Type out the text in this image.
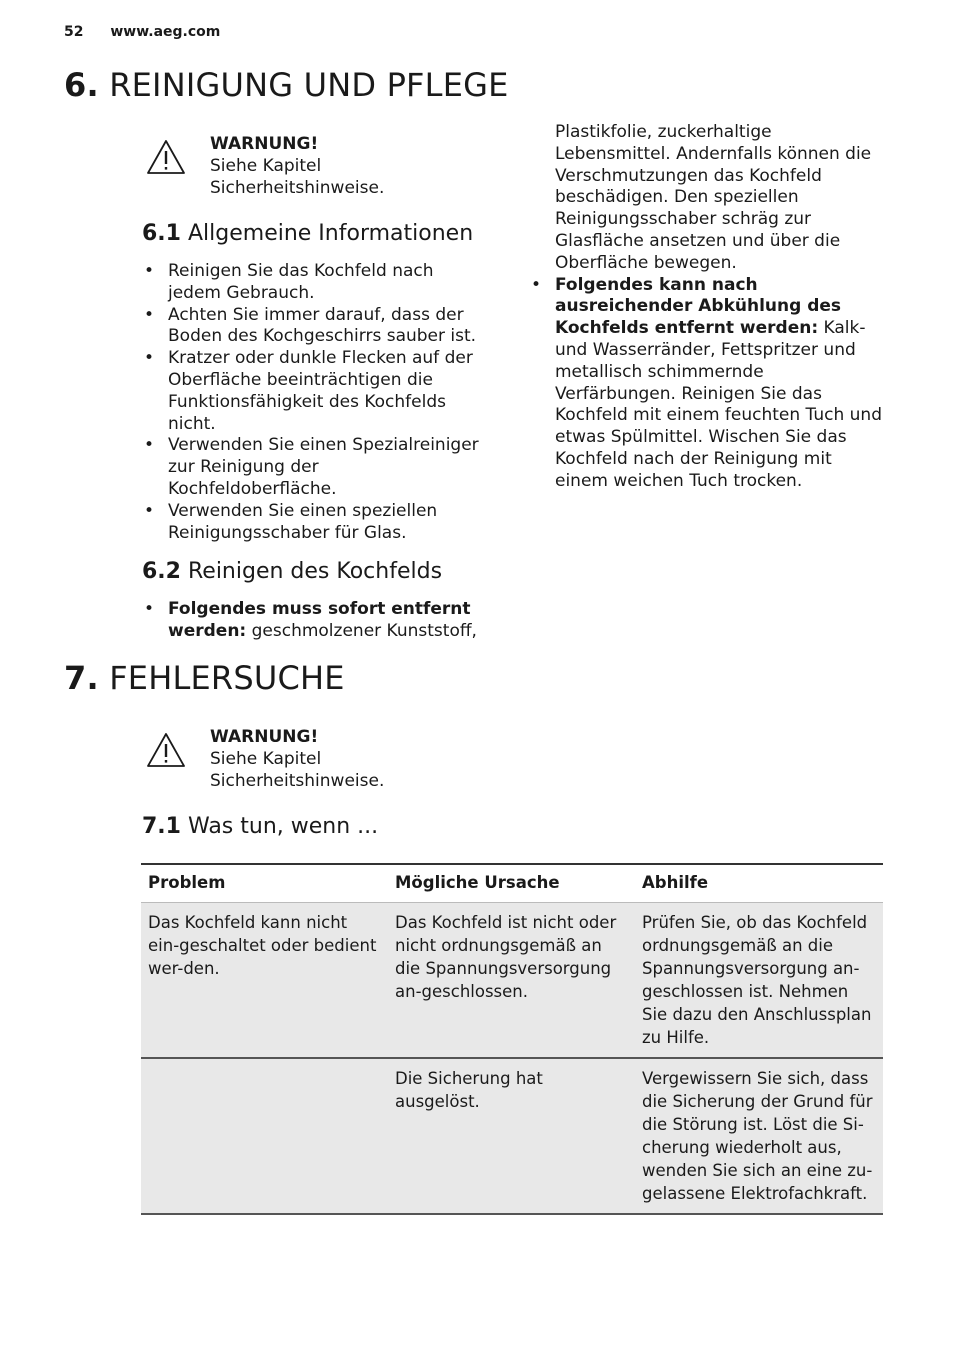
52 www.aeg.com
6. REINIGUNG UND PFLEGE
WARNUNG!
Siehe Kapitel
Sicherheitshinweise.
6.1 Allgemeine Informationen
• Reinigen Sie das Kochfeld nach jedem Gebrauch.
• Achten Sie immer darauf, dass der Boden des Kochgeschirrs sauber ist.
• Kratzer oder dunkle Flecken auf der Oberfläche beeinträchtigen die Funktionsfähigkeit des Kochfelds nicht.
• Verwenden Sie einen Spezialreiniger zur Reinigung der Kochfeldoberfläche.
• Verwenden Sie einen speziellen Reinigungsschaber für Glas.
6.2 Reinigen des Kochfelds
• Folgendes muss sofort entfernt werden: geschmolzener Kunststoff,

Plastikfolie, zuckerhaltige Lebensmittel. Andernfalls können die Verschmutzungen das Kochfeld beschädigen. Den speziellen Reinigungsschaber schräg zur Glasfläche ansetzen und über die Oberfläche bewegen.

• Folgendes kann nach ausreichender Abkühlung des Kochfelds entfernt werden: Kalk- und Wasserränder, Fettspritzer und metallisch schimmernde Verfärbungen. Reinigen Sie das Kochfeld mit einem feuchten Tuch und etwas Spülmittel. Wischen Sie das Kochfeld nach der Reinigung mit einem weichen Tuch trocken.
7. FEHLERSUCHE
WARNUNG!
Siehe Kapitel
Sicherheitshinweise.
7.1 Was tun, wenn ...
Problem	Mögliche Ursache	Abhilfe
Das Kochfeld kann nicht ein-geschaltet oder bedient wer-den.	Das Kochfeld ist nicht oder nicht ordnungsgemäß an die Spannungsversorgung an-geschlossen.	Prüfen Sie, ob das Kochfeld ordnungsgemäß an die Spannungsversorgung an-geschlossen ist. Nehmen Sie dazu den Anschlussplan zu Hilfe.
	Die Sicherung hat ausgelöst.	Vergewissern Sie sich, dass die Sicherung der Grund für die Störung ist. Löst die Si-cherung wiederholt aus, wenden Sie sich an eine zu-gelassene Elektrofachkraft.
